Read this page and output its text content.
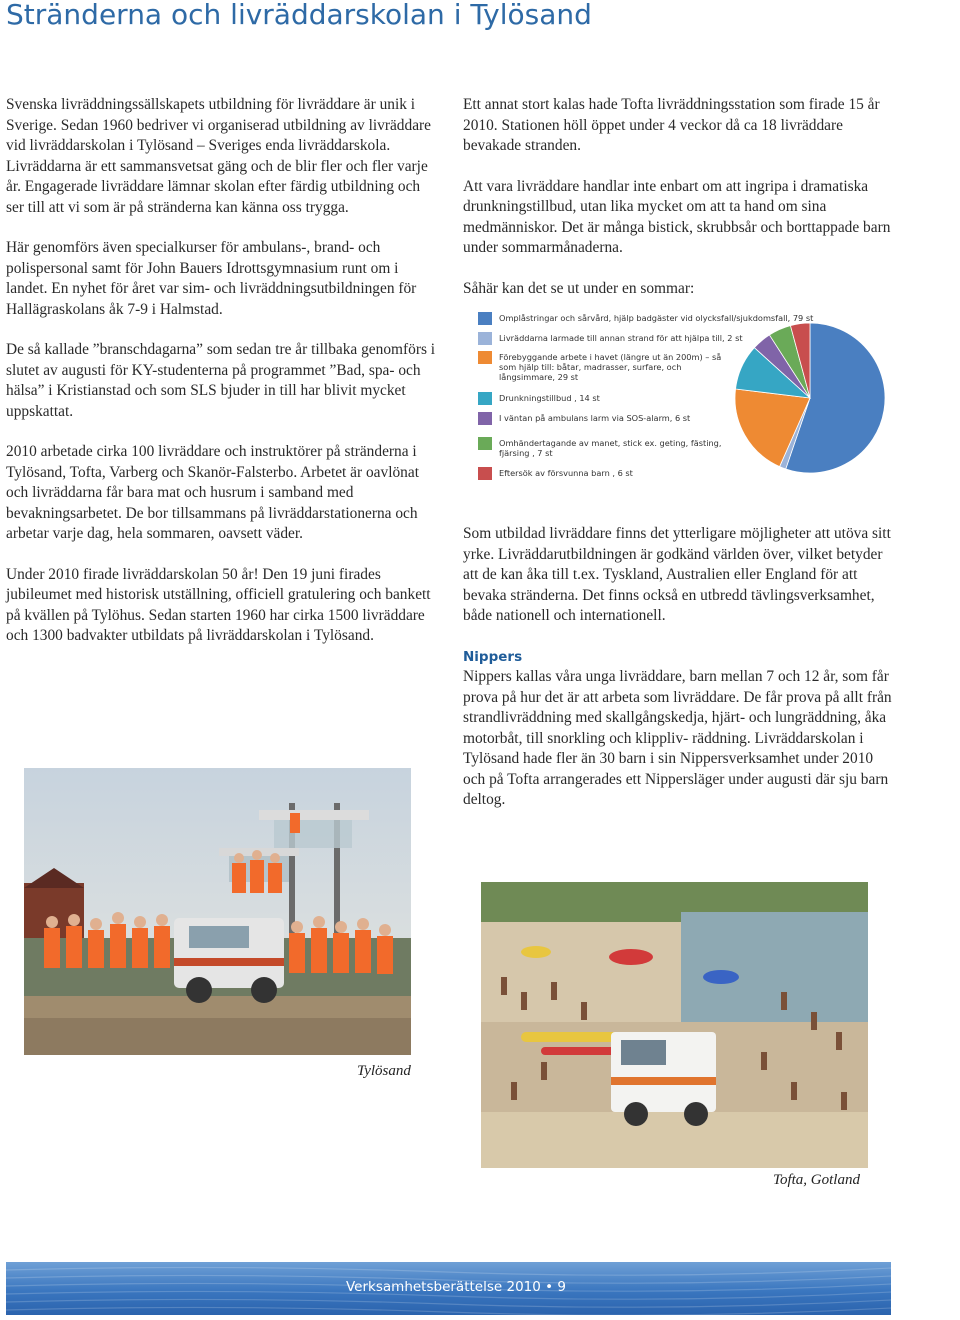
Stränderna och livräddarskolan i Tylösand

Svenska livräddningssällskapets utbildning för livräddare är unik i Sverige. Sedan 1960 bedriver vi organiserad utbildning av livräddare vid livräddarskolan i Tylösand – Sveriges enda livräddarskola. Livräddarna är ett sammansvetsat gäng och de blir fler och fler varje år. Engagerade livräddare lämnar skolan efter färdig utbildning och ser till att vi som är på stränderna kan känna oss trygga.

Här genomförs även specialkurser för ambulans-, brand- och polispersonal samt för John Bauers Idrottsgymnasium runt om i landet. En nyhet för året var sim- och livräddningsutbildningen för Hallägraskolans åk 7-9 i Halmstad.

De så kallade ”branschdagarna” som sedan tre år tillbaka genomförs i slutet av augusti för KY-studenterna på programmet ”Bad, spa- och hälsa” i Kristianstad och som SLS bjuder in till har blivit mycket uppskattat.

2010 arbetade cirka 100 livräddare och instruktörer på stränderna i Tylösand, Tofta, Varberg och Skanör-Falsterbo. Arbetet är oavlönat och livräddarna får bara mat och husrum i samband med bevakningsarbetet. De bor tillsammans på livräddarstationerna och arbetar varje dag, hela sommaren, oavsett väder.

Under 2010 firade livräddarskolan 50 år! Den 19 juni firades jubileumet med historisk utställning, officiell gratulering och bankett på kvällen på Tylöhus. Sedan starten 1960 har cirka 1500 livräddare och 1300 badvakter utbildats på livräddarskolan i Tylösand.

Ett annat stort kalas hade Tofta livräddningsstation som firade 15 år 2010. Stationen höll öppet under 4 veckor då ca 18 livräddare bevakade stranden.

Att vara livräddare handlar inte enbart om att ingripa i dramatiska drunkningstillbud, utan lika mycket om att ta hand om sina medmänniskor. Det är många bistick, skrubbsår och borttappade barn under sommarmånaderna.

Såhär kan det se ut under en sommar:

Omplåstringar och sårvård, hjälp badgäster vid olycksfall/sjukdomsfall, 79 st
Livräddarna larmade till annan strand för att hjälpa till, 2 st
Förebyggande arbete i havet (längre ut än 200m) – så som hjälp till: båtar, madrasser, surfare, och långsimmare, 29 st
Drunkningstillbud , 14 st
I väntan på ambulans larm via SOS-alarm, 6 st
Omhändertagande av manet, stick ex. geting, fästing, fjärsing , 7 st
Eftersök av försvunna barn , 6 st

Som utbildad livräddare finns det ytterligare möjligheter att utöva sitt yrke. Livräddarutbildningen är godkänd världen över, vilket betyder att de kan åka till t.ex. Tyskland, Australien eller England för att bevaka stränderna. Det finns också en utbredd tävlingsverksamhet, både nationell och internationell.

Nippers

Nippers kallas våra unga livräddare, barn mellan 7 och 12 år, som får prova på hur det är att arbeta som livräddare. De får prova på allt från strandlivräddning med skallgångskedja, hjärt- och lungräddning, åka motorbåt, till snorkling och klippliv- räddning. Livräddarskolan i Tylösand hade fler än 30 barn i sin Nippersverksamhet under 2010 och på Tofta arrangerades ett Nippersläger under augusti där sju barn deltog.

Tylösand
Tofta, Gotland
Verksamhetsberättelse 2010 • 9
